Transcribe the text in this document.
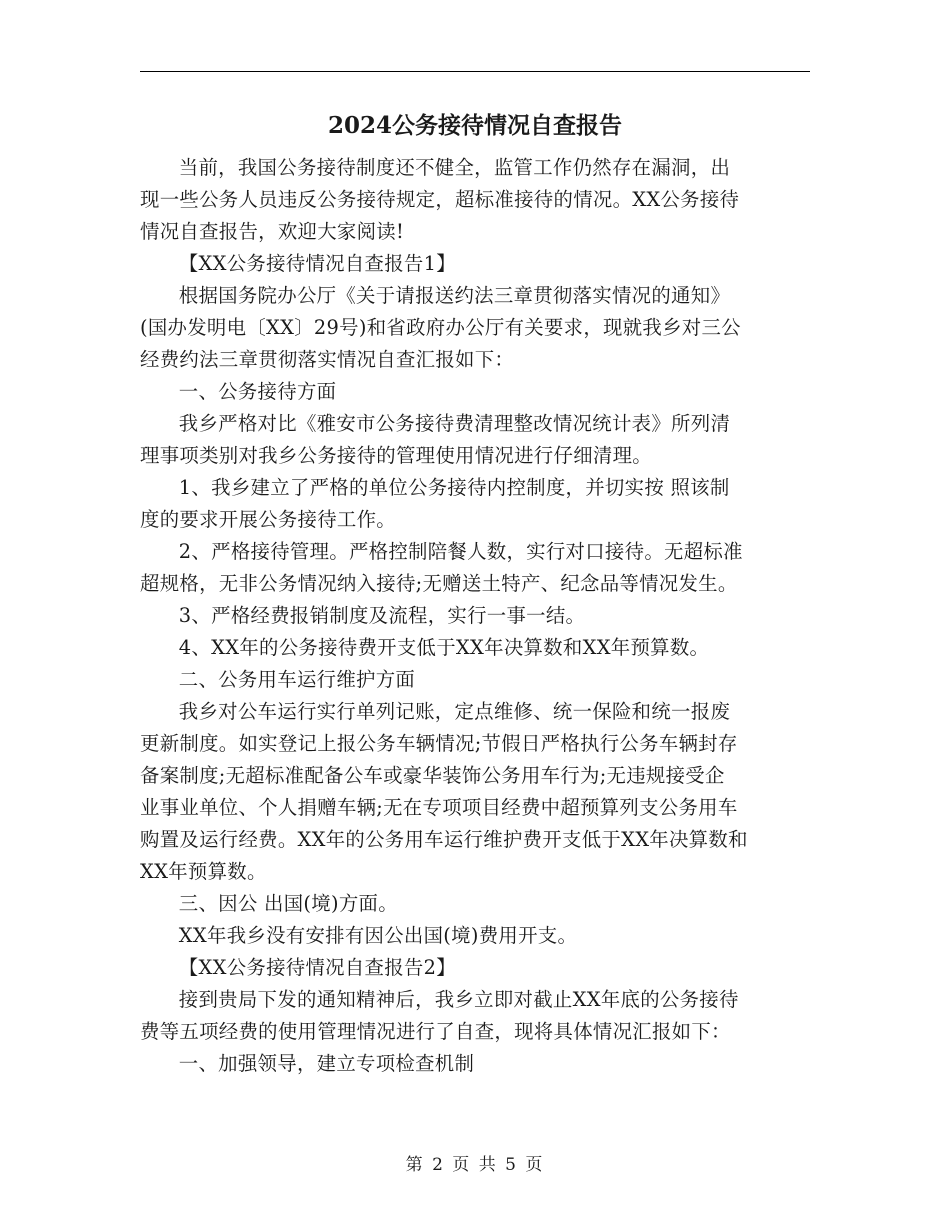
2024公务接待情况自查报告

当前，我国公务接待制度还不健全，监管工作仍然存在漏洞，出

现一些公务人员违反公务接待规定，超标准接待的情况。XX公务接待

情况自查报告，欢迎大家阅读!

【XX公务接待情况自查报告1】

根据国务院办公厅《关于请报送约法三章贯彻落实情况的通知》

(国办发明电〔XX〕29号)和省政府办公厅有关要求，现就我乡对三公

经费约法三章贯彻落实情况自查汇报如下：

一、公务接待方面

我乡严格对比《雅安市公务接待费清理整改情况统计表》所列清

理事项类别对我乡公务接待的管理使用情况进行仔细清理。

1、我乡建立了严格的单位公务接待内控制度，并切实按 照该制

度的要求开展公务接待工作。

2、严格接待管理。严格控制陪餐人数，实行对口接待。无超标准

超规格，无非公务情况纳入接待;无赠送土特产、纪念品等情况发生。

3、严格经费报销制度及流程，实行一事一结。

4、XX年的公务接待费开支低于XX年决算数和XX年预算数。

二、公务用车运行维护方面

我乡对公车运行实行单列记账，定点维修、统一保险和统一报废

更新制度。如实登记上报公务车辆情况;节假日严格执行公务车辆封存

备案制度;无超标准配备公车或豪华装饰公务用车行为;无违规接受企

业事业单位、个人捐赠车辆;无在专项项目经费中超预算列支公务用车

购置及运行经费。XX年的公务用车运行维护费开支低于XX年决算数和

XX年预算数。

三、因公 出国(境)方面。

XX年我乡没有安排有因公出国(境)费用开支。

【XX公务接待情况自查报告2】

接到贵局下发的通知精神后，我乡立即对截止XX年底的公务接待

费等五项经费的使用管理情况进行了自查，现将具体情况汇报如下：

一、加强领导，建立专项检查机制

第 2 页 共 5 页
